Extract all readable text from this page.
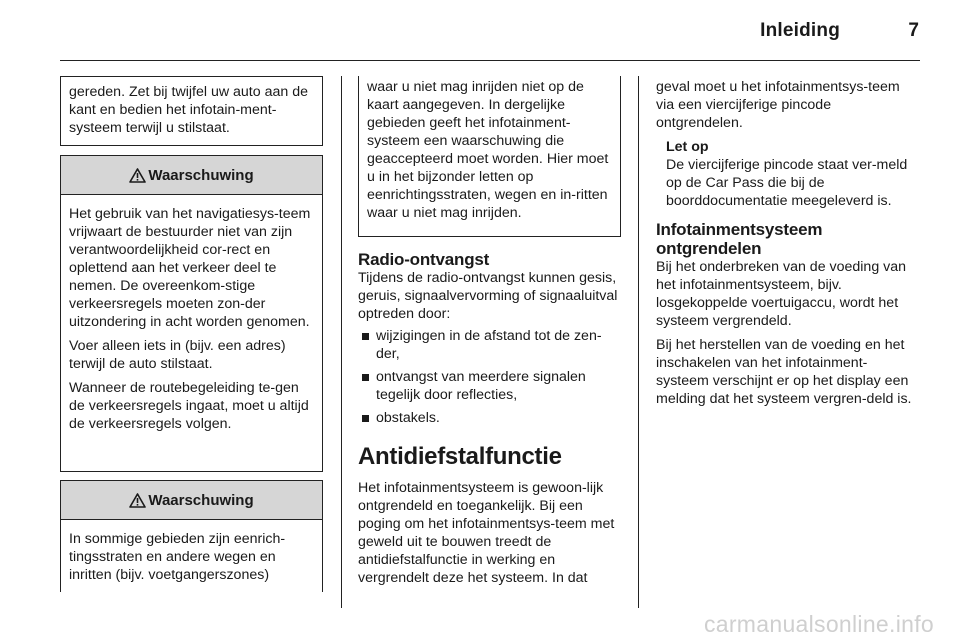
Inleiding	7
gereden. Zet bij twijfel uw auto aan de kant en bedien het infotain-ment-systeem terwijl u stilstaat.
Waarschuwing

Het gebruik van het navigatiesys-teem vrijwaart de bestuurder niet van zijn verantwoordelijkheid cor-rect en oplettend aan het verkeer deel te nemen. De overeenkom-stige verkeersregels moeten zon-der uitzondering in acht worden genomen.

Voer alleen iets in (bijv. een adres) terwijl de auto stilstaat.

Wanneer de routebegeleiding te-gen de verkeersregels ingaat, moet u altijd de verkeersregels volgen.

Waarschuwing
In sommige gebieden zijn eenrich-tingsstraten en andere wegen en inritten (bijv. voetgangerszones)
waar u niet mag inrijden niet op de kaart aangegeven. In dergelijke gebieden geeft het infotainment-systeem een waarschuwing die geaccepteerd moet worden. Hier moet u in het bijzonder letten op eenrichtingsstraten, wegen en in-ritten waar u niet mag inrijden.
Radio-ontvangst

Tijdens de radio-ontvangst kunnen gesis, geruis, signaalvervorming of signaaluitval optreden door:

wijzigingen in de afstand tot de zen-der,
ontvangst van meerdere signalen tegelijk door reflecties,
obstakels.
Antidiefstalfunctie

Het infotainmentsysteem is gewoon-lijk ontgrendeld en toegankelijk. Bij een poging om het infotainmentsys-teem met geweld uit te bouwen treedt de antidiefstalfunctie in werking en vergrendelt deze het systeem. In dat

geval moet u het infotainmentsys-teem via een viercijferige pincode ontgrendelen.

Let op
De viercijferige pincode staat ver-meld op de Car Pass die bij de boorddocumentatie meegeleverd is.
Infotainmentsysteem
ontgrendelen

Bij het onderbreken van de voeding van het infotainmentsysteem, bijv. losgekoppelde voertuigaccu, wordt het systeem vergrendeld.

Bij het herstellen van de voeding en het inschakelen van het infotainment-systeem verschijnt er op het display een melding dat het systeem vergren-deld is.

carmanualsonline.info
